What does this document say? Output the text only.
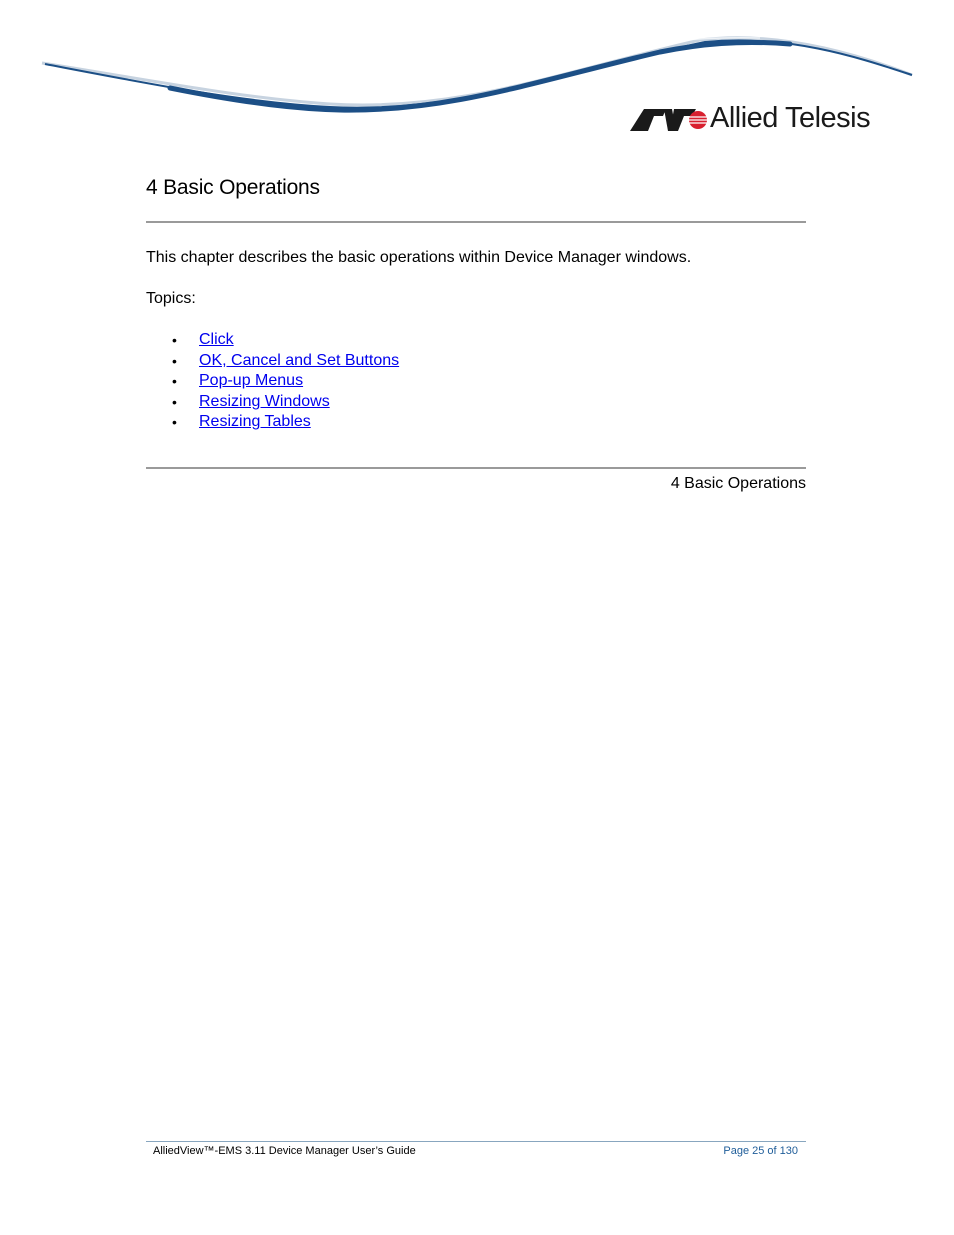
Allied Telesis
4 Basic Operations

This chapter describes the basic operations within Device Manager windows.

Topics:

• Click
• OK, Cancel and Set Buttons
• Pop-up Menus
• Resizing Windows
• Resizing Tables
4 Basic Operations
AlliedView™-EMS 3.11 Device Manager User’s Guide	Page 25 of 130
